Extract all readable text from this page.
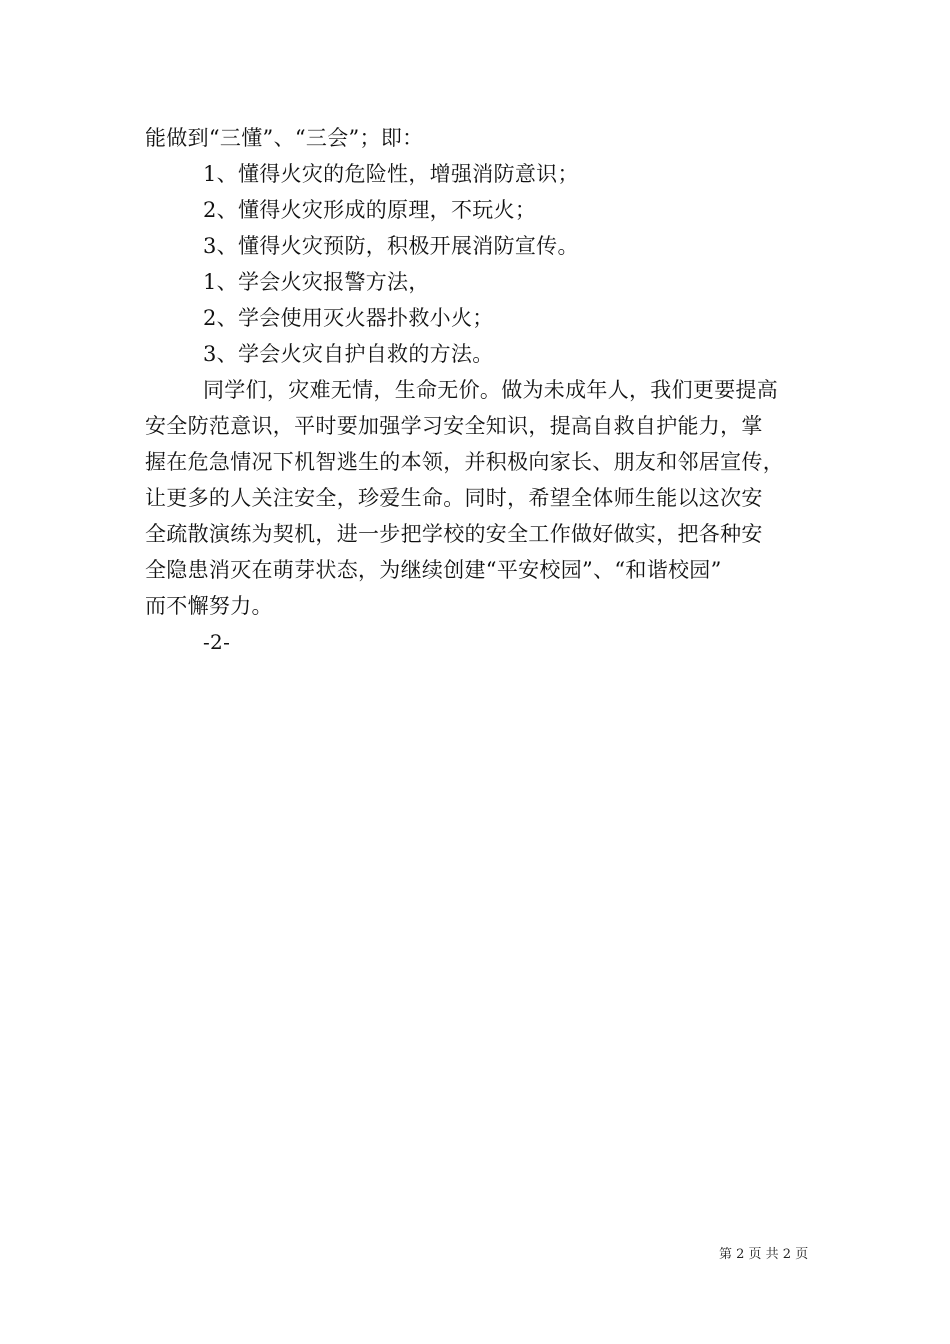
能做到“三懂”、“三会”；即：
1、懂得火灾的危险性，增强消防意识；
2、懂得火灾形成的原理，不玩火；
3、懂得火灾预防，积极开展消防宣传。
1、学会火灾报警方法，
2、学会使用灭火器扑救小火；
3、学会火灾自护自救的方法。
同学们，灾难无情，生命无价。做为未成年人，我们更要提高
安全防范意识，平时要加强学习安全知识，提高自救自护能力，掌
握在危急情况下机智逃生的本领，并积极向家长、朋友和邻居宣传，
让更多的人关注安全，珍爱生命。同时，希望全体师生能以这次安
全疏散演练为契机，进一步把学校的安全工作做好做实，把各种安
全隐患消灭在萌芽状态，为继续创建“平安校园”、“和谐校园”
而不懈努力。
-2-
第 2 页 共 2 页
